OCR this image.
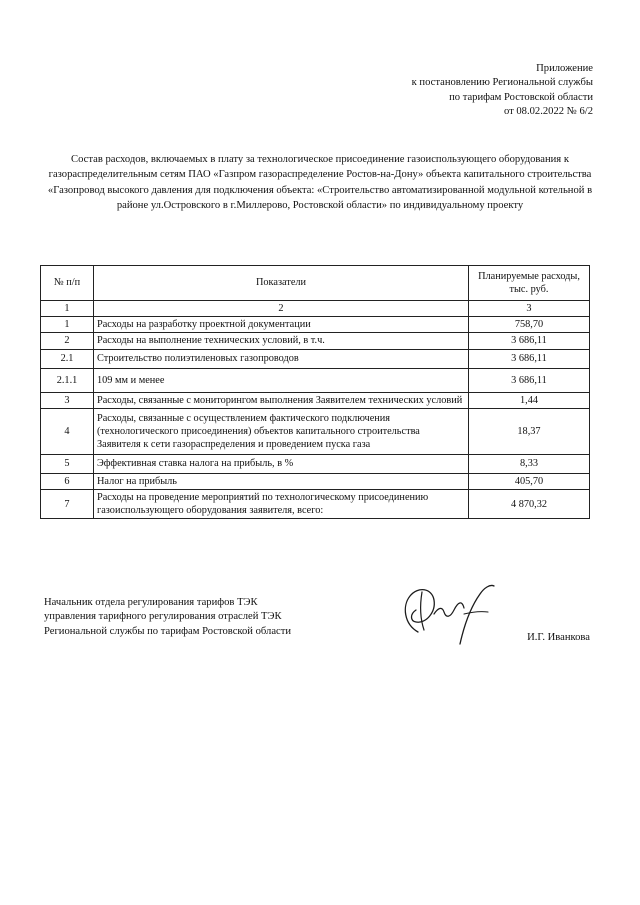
Приложение
к постановлению Региональной службы
по тарифам Ростовской области
от 08.02.2022 № 6/2
Состав расходов, включаемых в плату за технологическое присоединение газоиспользующего оборудования к газораспределительным сетям ПАО «Газпром газораспределение Ростов-на-Дону» объекта капитального строительства «Газопровод высокого давления для подключения объекта: «Строительство автоматизированной модульной котельной в районе ул.Островского в г.Миллерово, Ростовской области» по индивидуальному проекту
№ п/п	Показатели	Планируемые расходы, тыс. руб.
1	2	3
1	Расходы на разработку проектной документации	758,70
2	Расходы на выполнение технических условий, в т.ч.	3 686,11
2.1	Строительство полиэтиленовых газопроводов	3 686,11
2.1.1	109 мм и менее	3 686,11
3	Расходы, связанные с мониторингом выполнения Заявителем технических условий	1,44
4	Расходы, связанные с осуществлением фактического подключения (технологического присоединения) объектов капитального строительства Заявителя к сети газораспределения и проведением пуска газа	18,37
5	Эффективная ставка налога на прибыль, в %	8,33
6	Налог на прибыль	405,70
7	Расходы на проведение мероприятий по технологическому присоединению газоиспользующего оборудования заявителя, всего:	4 870,32
Начальник отдела регулирования тарифов ТЭК
управления тарифного регулирования отраслей ТЭК
Региональной службы по тарифам Ростовской области
И.Г. Иванкова
